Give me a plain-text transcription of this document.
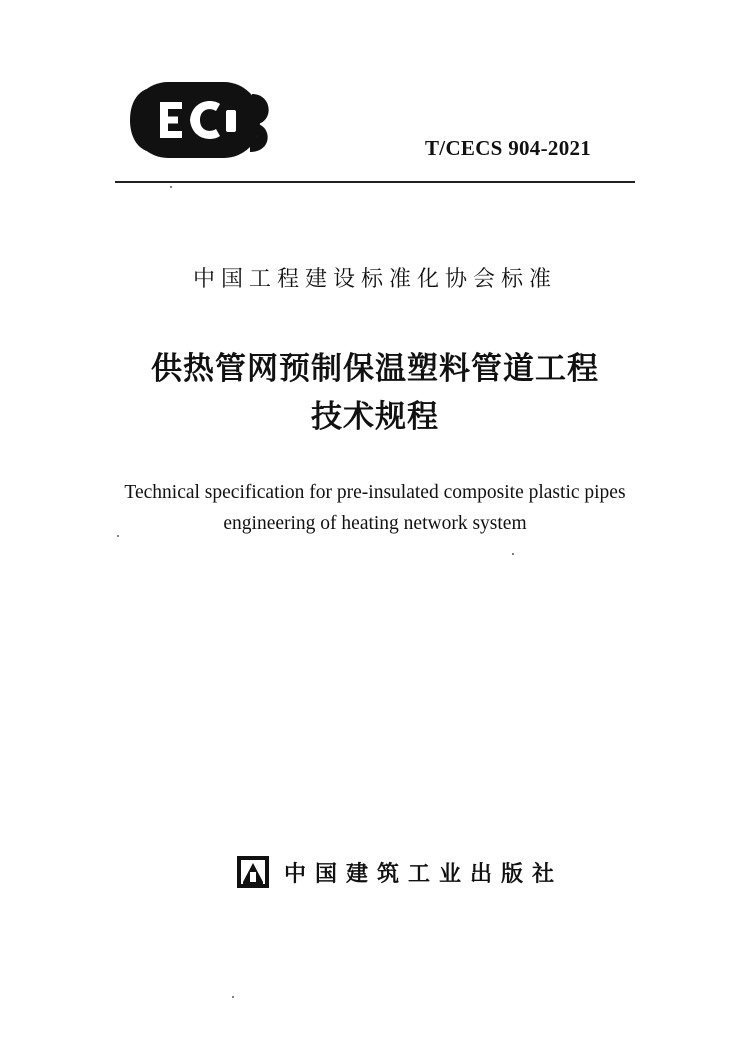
T/CECS 904-2021
中国工程建设标准化协会标准
供热管网预制保温塑料管道工程
技术规程
Technical specification for pre-insulated composite plastic pipes
engineering of heating network system
中国建筑工业出版社
